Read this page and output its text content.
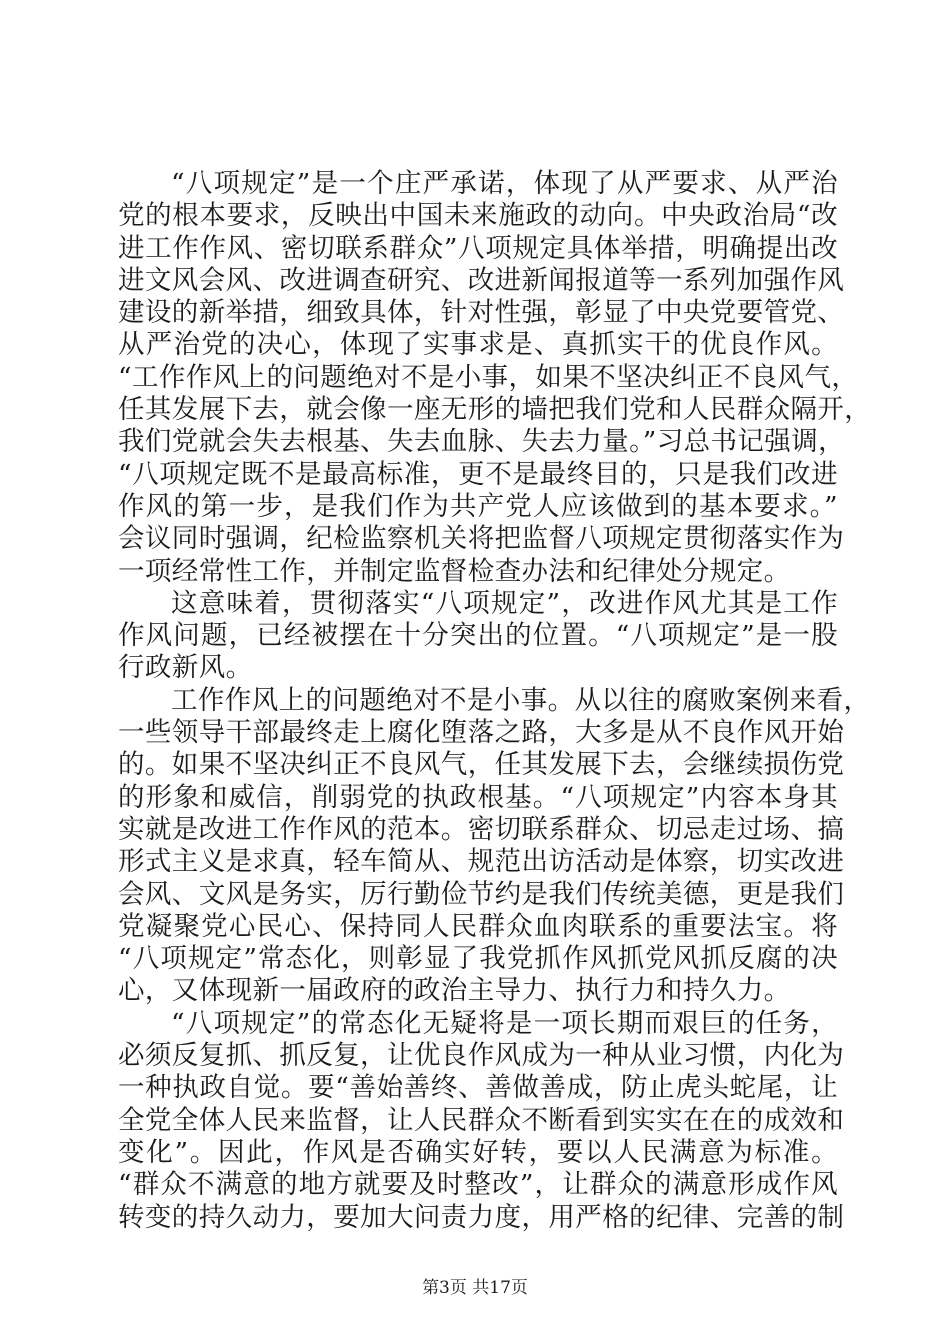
“八项规定”是一个庄严承诺，体现了从严要求、从严治
党的根本要求，反映出中国未来施政的动向。中央政治局“改
进工作作风、密切联系群众”八项规定具体举措，明确提出改
进文风会风、改进调查研究、改进新闻报道等一系列加强作风
建设的新举措，细致具体，针对性强，彰显了中央党要管党、
从严治党的决心，体现了实事求是、真抓实干的优良作风。
“工作作风上的问题绝对不是小事，如果不坚决纠正不良风气，
任其发展下去，就会像一座无形的墙把我们党和人民群众隔开，
我们党就会失去根基、失去血脉、失去力量。”习总书记强调，
“八项规定既不是最高标准，更不是最终目的，只是我们改进
作风的第一步，是我们作为共产党人应该做到的基本要求。”
会议同时强调，纪检监察机关将把监督八项规定贯彻落实作为
一项经常性工作，并制定监督检查办法和纪律处分规定。
这意味着，贯彻落实“八项规定”，改进作风尤其是工作
作风问题，已经被摆在十分突出的位置。“八项规定”是一股
行政新风。
工作作风上的问题绝对不是小事。从以往的腐败案例来看，
一些领导干部最终走上腐化堕落之路，大多是从不良作风开始
的。如果不坚决纠正不良风气，任其发展下去，会继续损伤党
的形象和威信，削弱党的执政根基。“八项规定”内容本身其
实就是改进工作作风的范本。密切联系群众、切忌走过场、搞
形式主义是求真，轻车简从、规范出访活动是体察，切实改进
会风、文风是务实，厉行勤俭节约是我们传统美德，更是我们
党凝聚党心民心、保持同人民群众血肉联系的重要法宝。将
“八项规定”常态化，则彰显了我党抓作风抓党风抓反腐的决
心，又体现新一届政府的政治主导力、执行力和持久力。
“八项规定”的常态化无疑将是一项长期而艰巨的任务，
必须反复抓、抓反复，让优良作风成为一种从业习惯，内化为
一种执政自觉。要“善始善终、善做善成，防止虎头蛇尾，让
全党全体人民来监督，让人民群众不断看到实实在在的成效和
变化”。因此，作风是否确实好转，要以人民满意为标准。
“群众不满意的地方就要及时整改”，让群众的满意形成作风
转变的持久动力，要加大问责力度，用严格的纪律、完善的制
第3页 共17页
